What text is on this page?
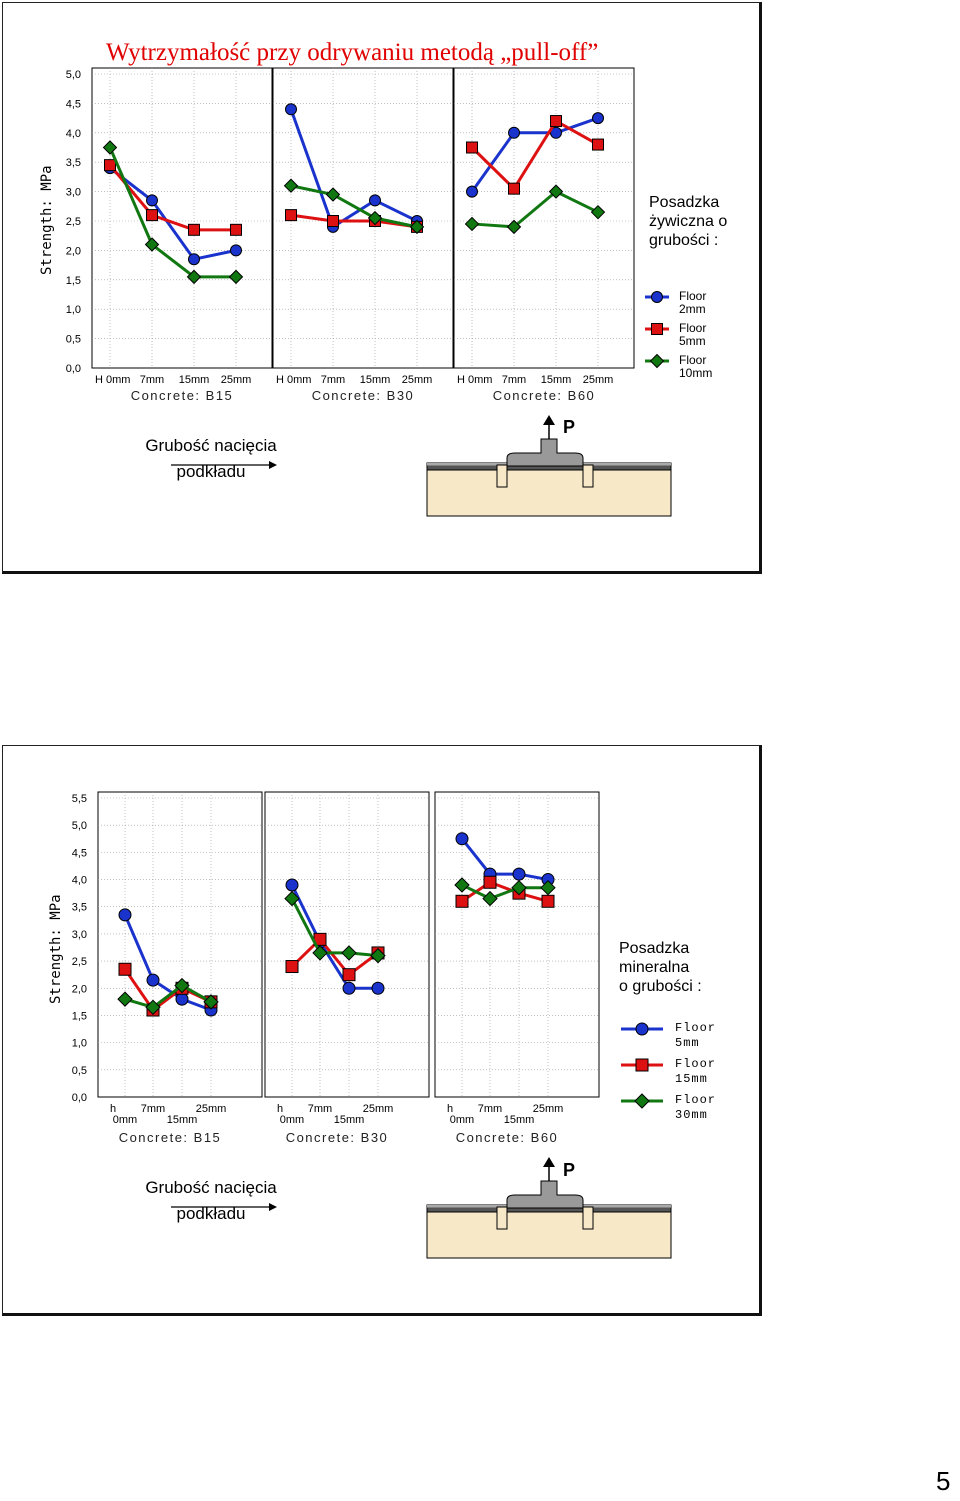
0,0
0,5
1,0
1,5
2,0
2,5
3,0
3,5
4,0
4,5
5,0
H 0mm 7mm 15mm 25mm
Concrete: B15
H 0mm 7mm 15mm 25mm
Concrete: B30
H 0mm 7mm 15mm 25mm
Concrete: B60
Wytrzymałość przy odrywaniu metodą „pull-off”
Strength: MPa	Posadzka
żywiczna o
grubości :
Floor
2mm
Floor
5mm
Floor
10mm
Grubość nacięcia
podkładu
P
0,0
0,5
1,0
1,5
2,0
2,5
3,0
3,5
4,0
4,5
5,0
5,5
h 7mm
15mm
25mm
0mm
Concrete: B15
h 7mm
15mm
25mm
0mm
Concrete: B30
h 7mm
15mm
25mm
0mm
Concrete: B60
Strength: MPa	Posadzka
mineralna
o grubości :
Floor
5mm
Floor
15mm
Floor
30mm
Grubość nacięcia
podkładu
P
5
